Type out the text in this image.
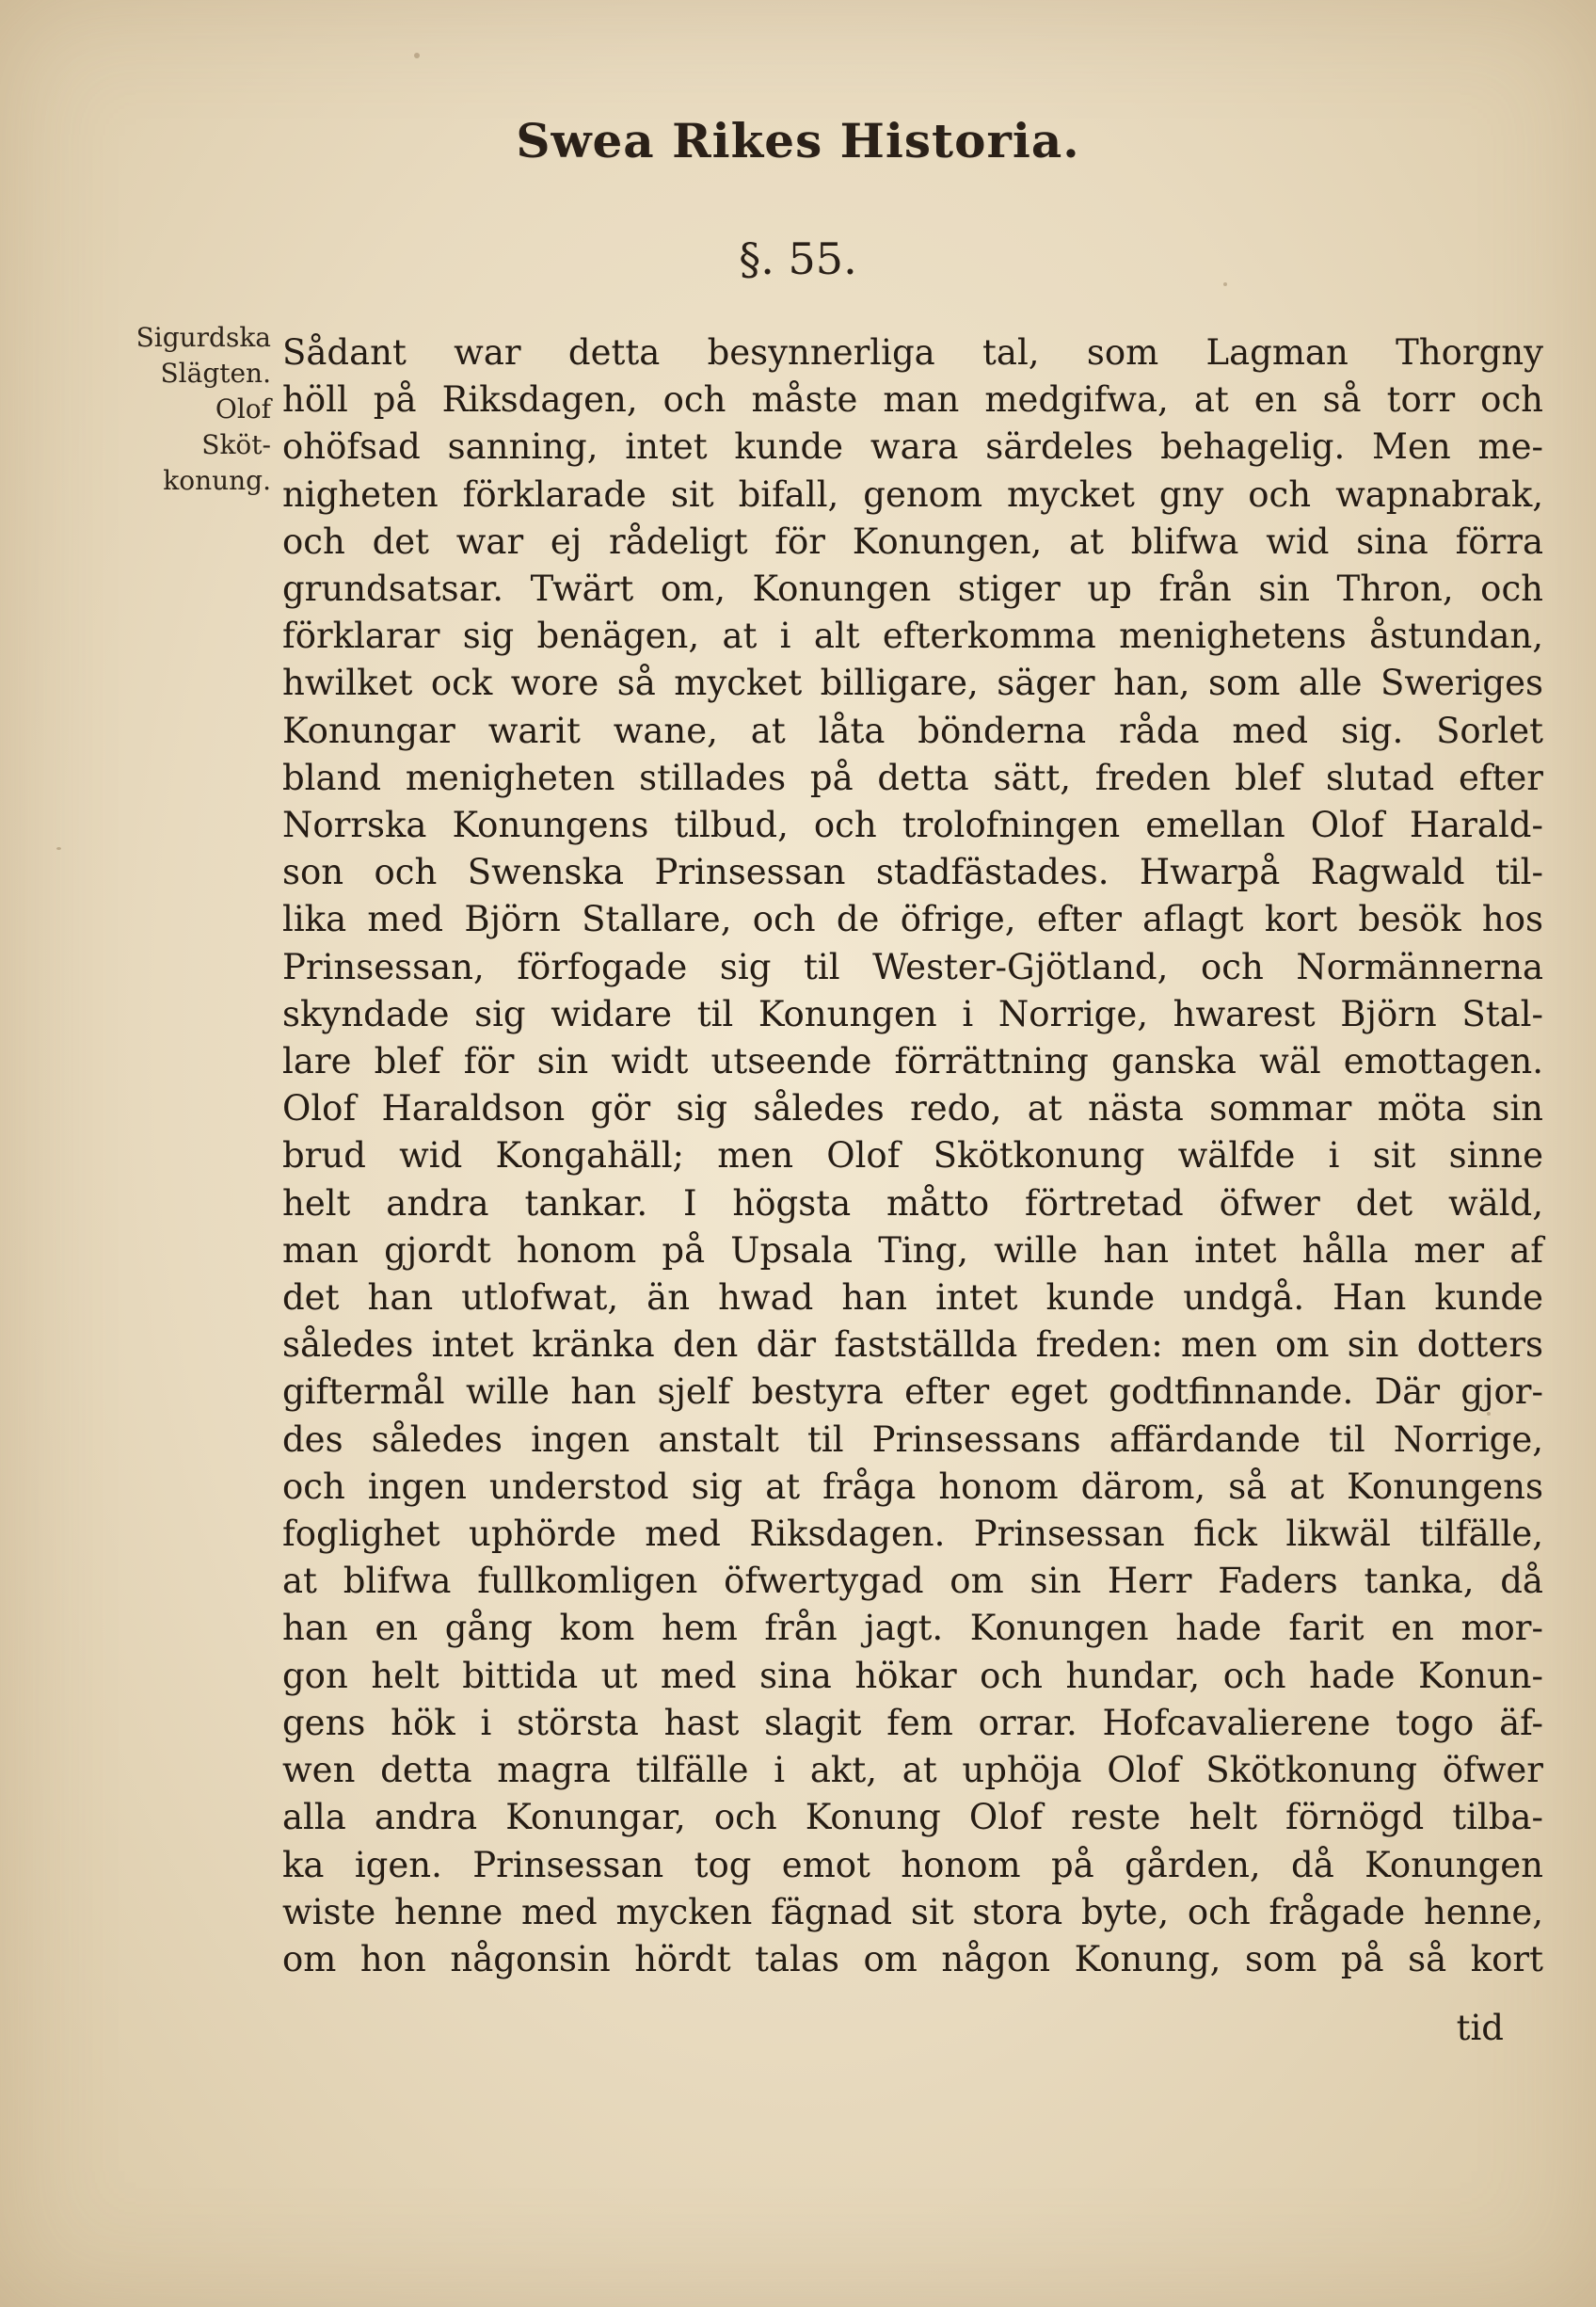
Swea Rikes Historia.
§. 55.
Sigurdska
Slägten.
Olof
Sköt-
konung.
Sådant war detta besynnerliga tal, som Lagman Thorgny
höll på Riksdagen, och måste man medgifwa, at en så torr och
ohöfsad sanning, intet kunde wara särdeles behagelig. Men me-
nigheten förklarade sit bifall, genom mycket gny och wapnabrak,
och det war ej rådeligt för Konungen, at blifwa wid sina förra
grundsatsar. Twärt om, Konungen stiger up från sin Thron, och
förklarar sig benägen, at i alt efterkomma menighetens åstundan,
hwilket ock wore så mycket billigare, säger han, som alle Sweriges
Konungar warit wane, at låta bönderna råda med sig. Sorlet
bland menigheten stillades på detta sätt, freden blef slutad efter
Norrska Konungens tilbud, och trolofningen emellan Olof Harald-
son och Swenska Prinsessan stadfästades. Hwarpå Ragwald til-
lika med Björn Stallare, och de öfrige, efter aflagt kort besök hos
Prinsessan, förfogade sig til Wester-Gjötland, och Normännerna
skyndade sig widare til Konungen i Norrige, hwarest Björn Stal-
lare blef för sin widt utseende förrättning ganska wäl emottagen.
Olof Haraldson gör sig således redo, at nästa sommar möta sin
brud wid Kongahäll; men Olof Skötkonung wälfde i sit sinne
helt andra tankar. I högsta måtto förtretad öfwer det wäld,
man gjordt honom på Upsala Ting, wille han intet hålla mer af
det han utlofwat, än hwad han intet kunde undgå. Han kunde
således intet kränka den där fastställda freden: men om sin dotters
giftermål wille han sjelf bestyra efter eget godtfinnande. Där gjor-
des således ingen anstalt til Prinsessans affärdande til Norrige,
och ingen understod sig at fråga honom därom, så at Konungens
foglighet uphörde med Riksdagen. Prinsessan fick likwäl tilfälle,
at blifwa fullkomligen öfwertygad om sin Herr Faders tanka, då
han en gång kom hem från jagt. Konungen hade farit en mor-
gon helt bittida ut med sina hökar och hundar, och hade Konun-
gens hök i största hast slagit fem orrar. Hofcavalierene togo äf-
wen detta magra tilfälle i akt, at uphöja Olof Skötkonung öfwer
alla andra Konungar, och Konung Olof reste helt förnögd tilba-
ka igen. Prinsessan tog emot honom på gården, då Konungen
wiste henne med mycken fägnad sit stora byte, och frågade henne,
om hon någonsin hördt talas om någon Konung, som på så kort
tid
